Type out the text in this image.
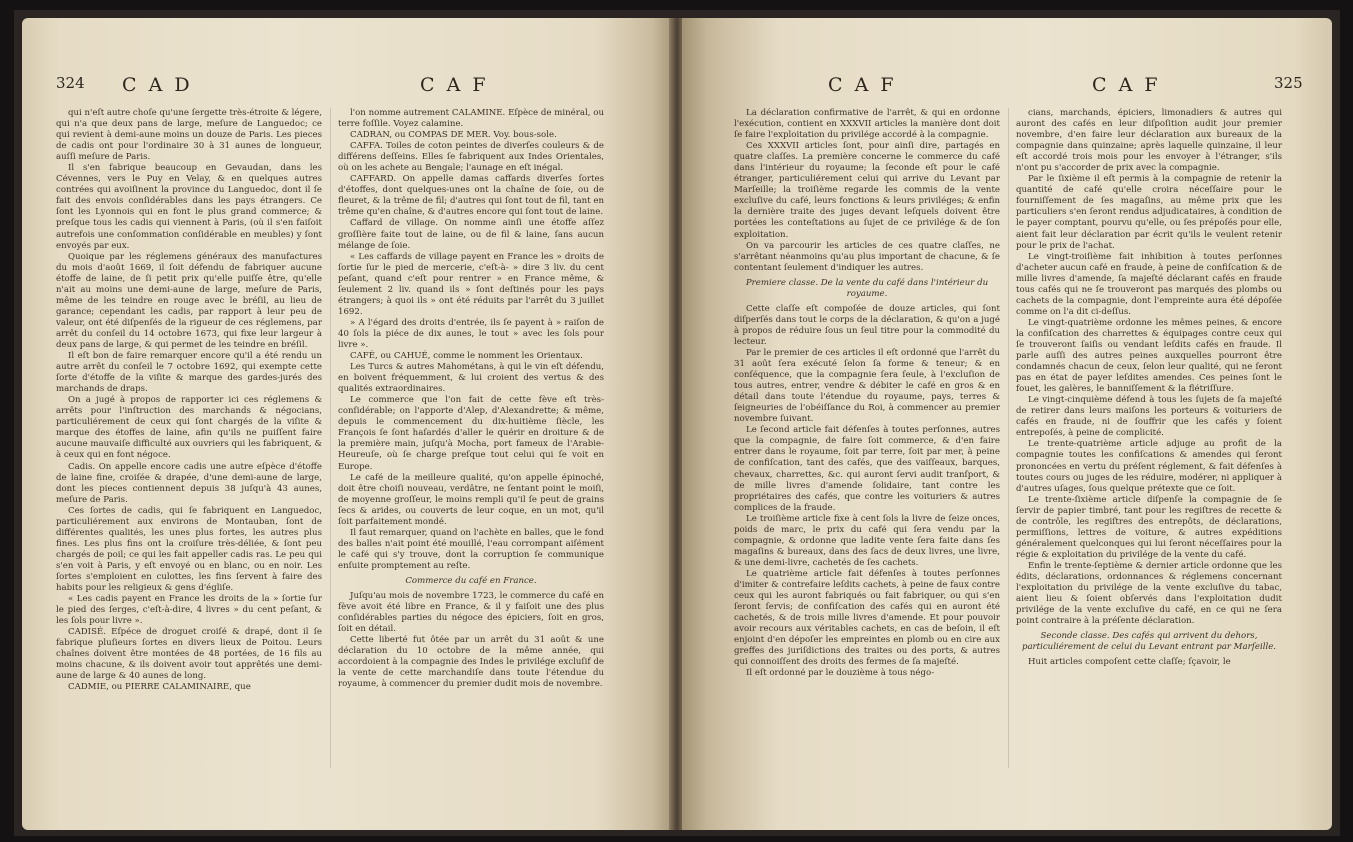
324 C A D	C A F

qui n'eſt autre choſe qu'une ſergette très-étroite & légere, qui n'a que deux pans de large, meſure de Languedoc; ce qui revient à demi-aune moins un douze de Paris. Les pieces de cadis ont pour l'ordinaire 30 à 31 aunes de longueur, auſſi meſure de Paris.

Il s'en fabrique beaucoup en Gevaudan, dans les Cévennes, vers le Puy en Velay, & en quelques autres contrées qui avoiſinent la province du Languedoc, dont il ſe fait des envois conſidérables dans les pays étrangers. Ce ſont les Lyonnois qui en font le plus grand commerce; & preſque tous les cadis qui viennent à Paris, (où il s'en faiſoit autrefois une conſommation conſidérable en meubles) y ſont envoyés par eux.

Quoique par les réglemens généraux des manufactures du mois d'août 1669, il ſoit défendu de fabriquer aucune étoffe de laine, de ſi petit prix qu'elle puiſſe être, qu'elle n'ait au moins une demi-aune de large, meſure de Paris, même de les teindre en rouge avec le bréſil, au lieu de garance; cependant les cadis, par rapport à leur peu de valeur, ont été diſpenſés de la rigueur de ces réglemens, par arrêt du conſeil du 14 octobre 1673, qui fixe leur largeur à deux pans de large, & qui permet de les teindre en bréſil.

Il eſt bon de faire remarquer encore qu'il a été rendu un autre arrêt du conſeil le 7 octobre 1692, qui exempte cette ſorte d'étoffe de la viſite & marque des gardes-jurés des marchands de draps.

On a jugé à propos de rapporter ici ces réglemens & arrêts pour l'inſtruction des marchands & négocians, particuliérement de ceux qui ſont chargés de la viſite & marque des étoffes de laine, afin qu'ils ne puiſſent faire aucune mauvaiſe difficulté aux ouvriers qui les fabriquent, & à ceux qui en font négoce.

Cadis. On appelle encore cadis une autre eſpèce d'étoffe de laine fine, croiſée & drapée, d'une demi-aune de large, dont les pieces contiennent depuis 38 juſqu'à 43 aunes, meſure de Paris.

Ces ſortes de cadis, qui ſe fabriquent en Languedoc, particuliérement aux environs de Montauban, ſont de différentes qualités, les unes plus fortes, les autres plus fines. Les plus fins ont la croiſure très-déliée, & ſont peu chargés de poil; ce qui les fait appeller cadis ras. Le peu qui s'en voit à Paris, y eſt envoyé ou en blanc, ou en noir. Les ſortes s'emploient en culottes, les fins ſervent à faire des habits pour les religieux & gens d'égliſe.

« Les cadis payent en France les droits de la » ſortie ſur le pied des ſerges, c'eſt-à-dire, 4 livres » du cent peſant, & les ſols pour livre ».

CADISÉ. Eſpéce de droguet croiſé & drapé, dont il ſe fabrique pluſieurs ſortes en divers lieux de Poitou. Leurs chaînes doivent être montées de 48 portées, de 16 fils au moins chacune, & ils doivent avoir tout apprêtés une demi-aune de large & 40 aunes de long.

CADMIE, ou PIERRE CALAMINAIRE, que

l'on nomme autrement CALAMINE. Eſpèce de minéral, ou terre foſſile. Voyez calamine.

CADRAN, ou COMPAS DE MER. Voy. bous-sole.

CAFFA. Toiles de coton peintes de diverſes couleurs & de différens deſſeins. Elles ſe fabriquent aux Indes Orientales, où on les achete au Bengale; l'aunage en eſt inégal.

CAFFARD. On appelle damas caffards diverſes ſortes d'étoffes, dont quelques-unes ont la chaîne de ſoie, ou de fleuret, & la trême de fil; d'autres qui ſont tout de fil, tant en trême qu'en chaîne, & d'autres encore qui ſont tout de laine.

Caffard de village. On nomme ainſi une étoffe aſſez groſſière faite tout de laine, ou de fil & laine, ſans aucun mélange de ſoie.

« Les caffards de village payent en France les » droits de ſortie ſur le pied de mercerie, c'eſt-à- » dire 3 liv. du cent peſant, quand c'eſt pour rentrer » en France même, & ſeulement 2 liv. quand ils » ſont deſtinés pour les pays étrangers; à quoi ils » ont été réduits par l'arrêt du 3 juillet 1692.

» A l'égard des droits d'entrée, ils ſe payent à » raiſon de 40 ſols la piéce de dix aunes, le tout » avec les ſols pour livre ».

CAFÉ, ou CAHUÉ, comme le nomment les Orientaux.

Les Turcs & autres Mahométans, à qui le vin eſt défendu, en boivent fréquemment, & lui croient des vertus & des qualités extraordinaires.

Le commerce que l'on fait de cette fève eſt très-conſidérable; on l'apporte d'Alep, d'Alexandrette; & même, depuis le commencement du dix-huitième ſiècle, les François ſe ſont haſardés d'aller le quérir en droiture & de la première main, juſqu'à Mocha, port fameux de l'Arabie-Heureuſe, où ſe charge preſque tout celui qui ſe voit en Europe.

Le café de la meilleure qualité, qu'on appelle épinoché, doit être choiſi nouveau, verdâtre, ne ſentant point le moiſi, de moyenne groſſeur, le moins rempli qu'il ſe peut de grains ſecs & arides, ou couverts de leur coque, en un mot, qu'il ſoit parfaitement mondé.

Il faut remarquer, quand on l'achète en balles, que le fond des balles n'ait point été mouillé, l'eau corrompant aiſément le café qui s'y trouve, dont la corruption ſe communique enſuite promptement au reſte.

Commerce du café en France.

Juſqu'au mois de novembre 1723, le commerce du café en fève avoit été libre en France, & il y faiſoit une des plus conſidérables parties du négoce des épiciers, ſoit en gros, ſoit en détail.

Cette liberté fut ôtée par un arrêt du 31 août & une déclaration du 10 octobre de la même année, qui accordoient à la compagnie des Indes le privilége excluſif de la vente de cette marchandiſe dans toute l'étendue du royaume, à commencer du premier dudit mois de novembre.

C A F	C A F	325

La déclaration confirmative de l'arrêt, & qui en ordonne l'exécution, contient en XXXVII articles la manière dont doit ſe faire l'exploitation du privilége accordé à la compagnie.

Ces XXXVII articles ſont, pour ainſi dire, partagés en quatre claſſes. La première concerne le commerce du café dans l'intérieur du royaume; la ſeconde eſt pour le café étranger, particuliérement celui qui arrive du Levant par Marſeille; la troiſième regarde les commis de la vente excluſive du café, leurs fonctions & leurs priviléges; & enfin la dernière traite des juges devant leſquels doivent être portées les conteſtations au ſujet de ce privilége & de ſon exploitation.

On va parcourir les articles de ces quatre claſſes, ne s'arrêtant néanmoins qu'au plus important de chacune, & ſe contentant ſeulement d'indiquer les autres.

Premiere classe. De la vente du café dans l'intérieur du royaume.

Cette claſſe eſt compoſée de douze articles, qui ſont diſperſés dans tout le corps de la déclaration, & qu'on a jugé à propos de réduire ſous un ſeul titre pour la commodité du lecteur.

Par le premier de ces articles il eſt ordonné que l'arrêt du 31 août ſera exécuté ſelon ſa forme & teneur; & en conſéquence, que la compagnie ſera ſeule, à l'excluſion de tous autres, entrer, vendre & débiter le café en gros & en détail dans toute l'étendue du royaume, pays, terres & ſeigneuries de l'obéiſſance du Roi, à commencer au premier novembre ſuivant.

Le ſecond article fait défenſes à toutes perſonnes, autres que la compagnie, de faire ſoit commerce, & d'en faire entrer dans le royaume, ſoit par terre, ſoit par mer, à peine de confiſcation, tant des cafés, que des vaiſſeaux, barques, chevaux, charrettes, &c. qui auront ſervi audit tranſport, & de mille livres d'amende ſolidaire, tant contre les propriétaires des cafés, que contre les voituriers & autres complices de la fraude.

Le troiſième article fixe à cent ſols la livre de ſeize onces, poids de marc, le prix du café qui ſera vendu par la compagnie, & ordonne que ladite vente ſera faite dans ſes magaſins & bureaux, dans des ſacs de deux livres, une livre, & une demi-livre, cachetés de ſes cachets.

Le quatrième article fait défenſes à toutes perſonnes d'imiter & contrefaire leſdits cachets, à peine de faux contre ceux qui les auront fabriqués ou fait fabriquer, ou qui s'en ſeront ſervis; de confiſcation des cafés qui en auront été cachetés, & de trois mille livres d'amende. Et pour pouvoir avoir recours aux véritables cachets, en cas de beſoin, il eſt enjoint d'en dépoſer les empreintes en plomb ou en cire aux greffes des juriſdictions des traites ou des ports, & autres qui connoiſſent des droits des fermes de ſa majeſté.

Il eſt ordonné par le douzième à tous négo-

cians, marchands, épiciers, limonadiers & autres qui auront des cafés en leur diſpoſition audit jour premier novembre, d'en faire leur déclaration aux bureaux de la compagnie dans quinzaine; après laquelle quinzaine, il leur eſt accordé trois mois pour les envoyer à l'étranger, s'ils n'ont pu s'accorder de prix avec la compagnie.

Par le ſixième il eſt permis à la compagnie de retenir la quantité de café qu'elle croira néceſſaire pour le fourniſſement de ſes magaſins, au même prix que les particuliers s'en ſeront rendus adjudicataires, à condition de le payer comptant, pourvu qu'elle, ou ſes prépoſés pour elle, aient fait leur déclaration par écrit qu'ils le veulent retenir pour le prix de l'achat.

Le vingt-troiſième fait inhibition à toutes perſonnes d'acheter aucun café en fraude, à peine de confiſcation & de mille livres d'amende, ſa majeſté déclarant cafés en fraude tous cafés qui ne ſe trouveront pas marqués des plombs ou cachets de la compagnie, dont l'empreinte aura été dépoſée comme on l'a dit ci-deſſus.

Le vingt-quatrième ordonne les mêmes peines, & encore la confiſcation des charrettes & équipages contre ceux qui ſe trouveront ſaiſis ou vendant leſdits cafés en fraude. Il parle auſſi des autres peines auxquelles pourront être condamnés chacun de ceux, ſelon leur qualité, qui ne ſeront pas en état de payer leſdites amendes. Ces peines ſont le fouet, les galères, le banniſſement & la flétriſſure.

Le vingt-cinquième défend à tous les ſujets de ſa majeſté de retirer dans leurs maiſons les porteurs & voituriers de cafés en fraude, ni de ſouffrir que les cafés y ſoient entrepoſés, à peine de complicité.

Le trente-quatrième article adjuge au profit de la compagnie toutes les confiſcations & amendes qui ſeront prononcées en vertu du préſent réglement, & fait défenſes à toutes cours ou juges de les réduire, modérer, ni appliquer à d'autres uſages, ſous quelque prétexte que ce ſoit.

Le trente-ſixième article diſpenſe la compagnie de ſe ſervir de papier timbré, tant pour les regiſtres de recette & de contrôle, les regiſtres des entrepôts, de déclarations, permiſſions, lettres de voiture, & autres expéditions généralement quelconques qui lui ſeront néceſſaires pour la régie & exploitation du privilége de la vente du café.

Enfin le trente-ſeptième & dernier article ordonne que les édits, déclarations, ordonnances & réglemens concernant l'exploitation du privilége de la vente excluſive du tabac, aient lieu & ſoient obſervés dans l'exploitation dudit privilége de la vente excluſive du café, en ce qui ne ſera point contraire à la préſente déclaration.

Seconde classe. Des cafés qui arrivent du dehors, particuliérement de celui du Levant entrant par Marſeille.

Huit articles compoſent cette claſſe; ſçavoir, le
